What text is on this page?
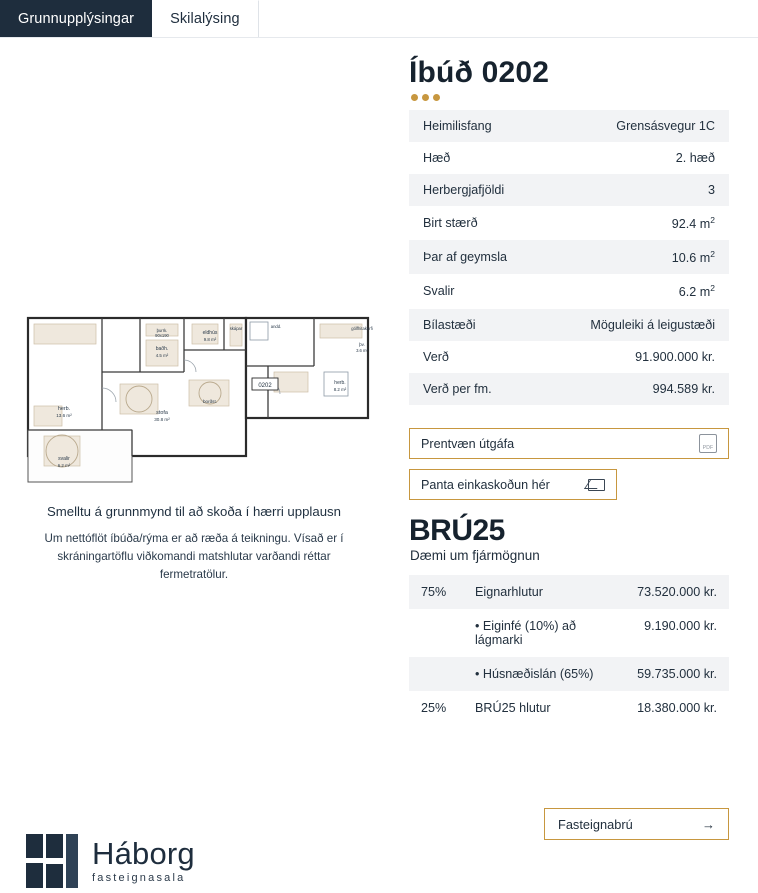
Grunnupplýsingar Skilalýsing
0202
herb.
13.6 m²	stofa
30.8 m²
eldhús
9.8 m²
baðh.
4.5 m²
herb.
8.2 m²
svalir
6.2 m²
gólfhitakerfi
þv.
3.6 m²
þurrk.
90x190
skápar	andd.
borðst.
Smelltu á grunnmynd til að skoða í hærri upplausn
Um nettóflöt íbúða/rýma er að ræða á teikningu. Vísað er í skráningartöflu viðkomandi matshlutar varðandi réttar fermetratölur.
Háborg
fasteignasala
Íbúð 0202
Heimilisfang	Grensásvegur 1C
Hæð	2. hæð
Herbergjafjöldi	3
Birt stærð	92.4 $m^2$
Þar af geymsla	10.6 $m^2$
Svalir	6.2 $m^2$
Bílastæði	Möguleiki á leigustæði
Verð	91.900.000 kr.
Verð per fm.	994.589 kr.
Prentvæn útgáfa	PDF
Panta einkaskoðun hér
BRÚ25
Dæmi um fjármögnun
75%	Eignarhlutur	73.520.000 kr.
	• Eiginfé (10%) að lágmarki	9.190.000 kr.
	• Húsnæðislán (65%)	59.735.000 kr.
25%	BRÚ25 hlutur	18.380.000 kr.
Fasteignabrú	→
